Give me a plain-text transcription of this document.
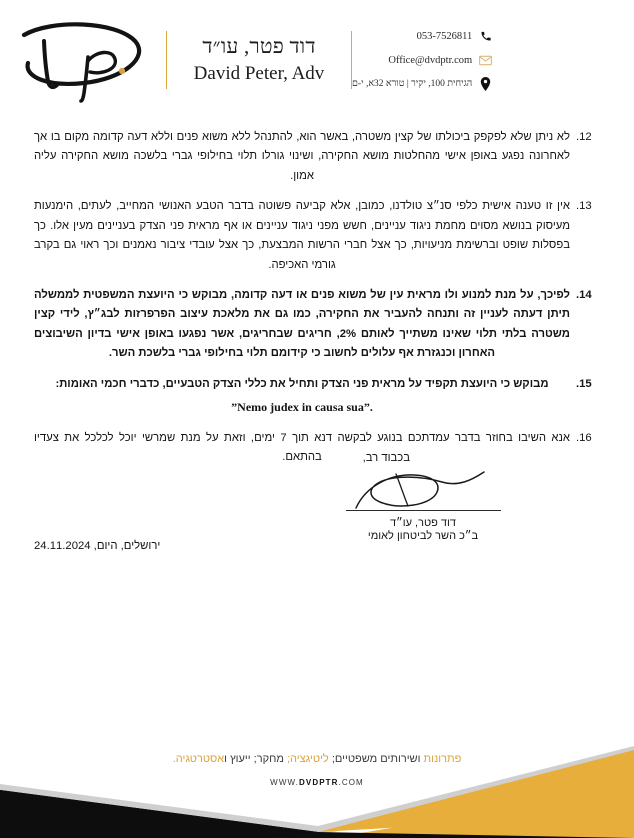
דוד פטר, עו״ד
David Peter, Adv
053-7526811
Office@dvdptr.com
הגיחית 100, יקיר | טורא 32א, י-ם
12.
לא ניתן שלא לפקפק ביכולתו של קצין משטרה, באשר הוא, להתנהל ללא משוא פנים וללא דעה קדומה מקום בו אך לאחרונה נפגע באופן אישי מהחלטות מושא החקירה, ושינוי גורלו תלוי בחילופי גברי בלשכה מושא החקירה עליה אמון.
13.
אין זו טענה אישית כלפי סנ״צ טולדנו, כמובן, אלא קביעה פשוטה בדבר הטבע האנושי המחייב, לעתים, הימנעות מעיסוק בנושא מסוים מחמת ניגוד עניינים, חשש מפני ניגוד עניינים או אף מראית פני הצדק בעניינים מעין אלו. כך בפסלות שופט וברשימת מניעויות, כך אצל חברי הרשות המבצעת, כך אצל עובדי ציבור נאמנים וכך ראוי גם בקרב גורמי האכיפה.
14.
לפיכך, על מנת למנוע ולו מראית עין של משוא פנים או דעה קדומה, מבוקש כי היועצת המשפטית לממשלה תיתן דעתה לעניין זה ותנחה להעביר את החקירה, כמו גם את מלאכת עיצוב הפרפרזות לבג״ץ, לידי קצין משטרה בלתי תלוי שאינו משתייך לאותם 2%, חריגים שבחריגים, אשר נפגעו באופן אישי בדיון השיבוצים האחרון וכנגזרת אף עלולים לחשוב כי קידומם תלוי בחילופי גברי בלשכת השר.
15.
מבוקש כי היועצת תקפיד על מראית פני הצדק ותחיל את כללי הצדק הטבעיים, כדברי חכמי האומות:
”Nemo judex in causa sua”.
16.
אנא השיבו בחוזר בדבר עמדתכם בנוגע לבקשה דנא תוך 7 ימים, וזאת על מנת שמרשי יוכל לכלכל את צעדיו בהתאם.	בכבוד רב,
דוד פטר, עו״ד
ב״כ השר לביטחון לאומי
ירושלים, היום, 24.11.2024
פתרונות ושירותים משפטיים; ליטיגציה; מחקר; ייעוץ ואסטרטגיה.
WWW.DVDPTR.COM
